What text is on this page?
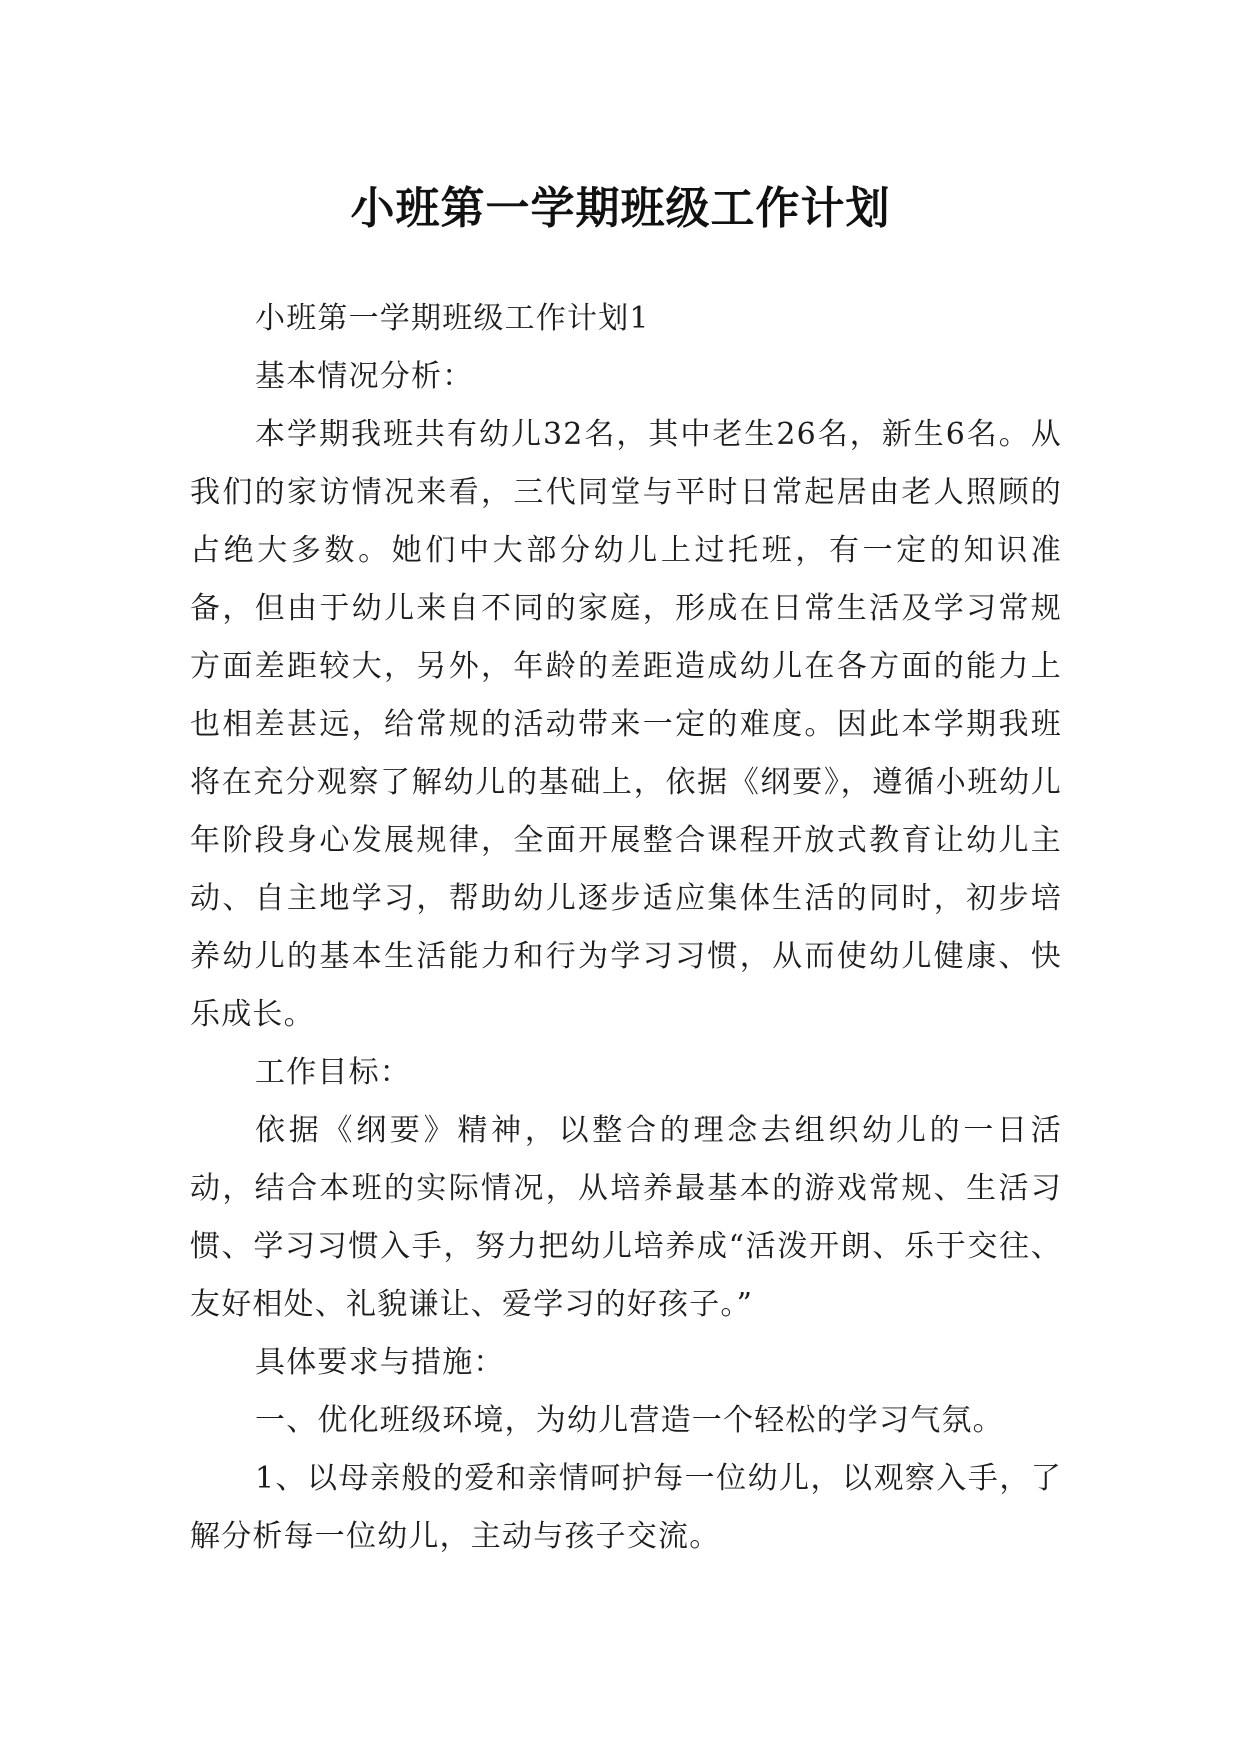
小班第一学期班级工作计划

小班第一学期班级工作计划1

基本情况分析：

本学期我班共有幼儿32名，其中老生26名，新生6名。从我们的家访情况来看，三代同堂与平时日常起居由老人照顾的占绝大多数。她们中大部分幼儿上过托班，有一定的知识准备，但由于幼儿来自不同的家庭，形成在日常生活及学习常规方面差距较大，另外，年龄的差距造成幼儿在各方面的能力上也相差甚远，给常规的活动带来一定的难度。因此本学期我班将在充分观察了解幼儿的基础上，依据《纲要》，遵循小班幼儿年阶段身心发展规律，全面开展整合课程开放式教育让幼儿主动、自主地学习，帮助幼儿逐步适应集体生活的同时，初步培养幼儿的基本生活能力和行为学习习惯，从而使幼儿健康、快乐成长。

工作目标：

依据《纲要》精神，以整合的理念去组织幼儿的一日活动，结合本班的实际情况，从培养最基本的游戏常规、生活习惯、学习习惯入手，努力把幼儿培养成“活泼开朗、乐于交往、友好相处、礼貌谦让、爱学习的好孩子。”

具体要求与措施：

一、优化班级环境，为幼儿营造一个轻松的学习气氛。

1、以母亲般的爱和亲情呵护每一位幼儿，以观察入手，了解分析每一位幼儿，主动与孩子交流。
